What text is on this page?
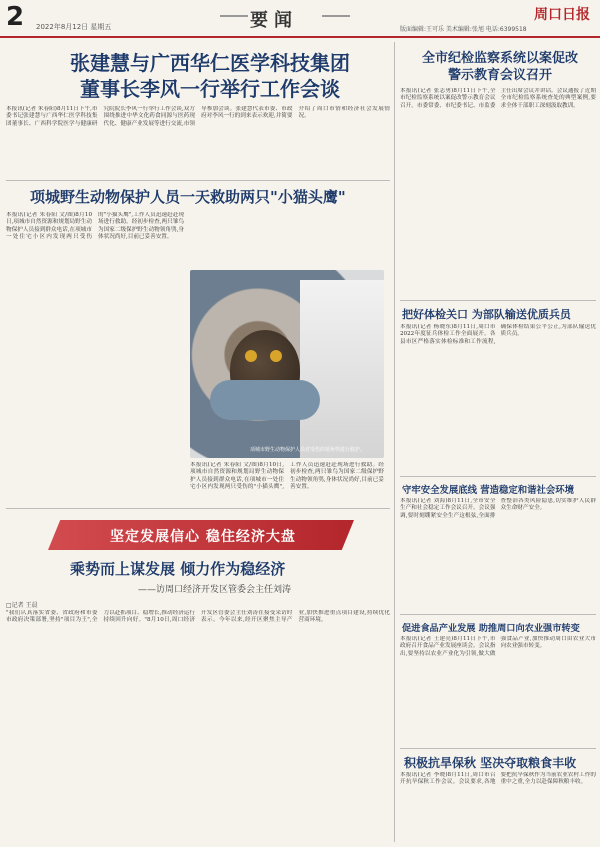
2 2022年8月12日 星期五	要闻	版面编辑:王可乐 美术编辑:张旭 电话:6399518
周口日报
张建慧与广西华仁医学科技集团
董事长李风一行举行工作会谈
本报讯(记者 朱春阳)8月11日下午,市委书记张建慧与广西华仁医学科技集团董事长、广西科学院医学与健康研究院院长李风一行举行工作会谈,双方围绕推进中华文化药食同源与医药现代化、健康产业发展等进行交流,市领导参加会谈。张建慧代表市委、市政府对李风一行的到来表示欢迎,并简要介绍了周口市情和经济社会发展情况。
项城野生动物保护人员一天救助两只"小猫头鹰"
本报讯(记者 朱春阳 文/图)8月10日,项城市自然资源和规划局野生动物保护人员接到群众电话,在项城市一处住宅小区内发现两只受伤的"小猫头鹰",工作人员迅速赶赴现场进行救助。经初步检查,两只雏鸟为国家二级保护野生动物领角鸮,身体状况尚好,目前已妥善安置。
项城市野生动物保护人员对受伤的领角鸮进行救护。
本报讯(记者 朱春阳 文/图)8月10日,项城市自然资源和规划局野生动物保护人员接到群众电话,在项城市一处住宅小区内发现两只受伤的"小猫头鹰",工作人员迅速赶赴现场进行救助。经初步检查,两只雏鸟为国家二级保护野生动物领角鸮,身体状况尚好,目前已妥善安置。
坚定发展信心 稳住经济大盘
乘势而上谋发展 倾力作为稳经济
——访周口经济开发区管委会主任刘涛
□记者 王晨
"我们认真落实省委、省政府和市委市政府决策部署,坚持"项目为王",全力以赴抓项目、稳增长,推动经济运行持续回升向好。"8月10日,周口经济开发区管委会主任刘涛在接受采访时表示。今年以来,经开区聚焦主导产业,加快推进重点项目建设,持续优化营商环境。
全市纪检监察系统以案促改
警示教育会议召开
本报讯(记者 张志勇)8月11日下午,全市纪检监察系统以案促改警示教育会议召开。市委常委、市纪委书记、市监委主任出席会议并讲话。会议通报了近期全市纪检监察系统查处的典型案例,要求全体干部职工深刻汲取教训。
把好体检关口 为部队输送优质兵员
本报讯(记者 杨晓东)8月11日,周口市2022年度征兵体检工作全面展开。各县市区严格落实体检标准和工作流程,确保体检结果公平公正,为部队输送优质兵员。
守牢安全发展底线 营造稳定和谐社会环境
本报讯(记者 刘海)8月11日,全市安全生产和社会稳定工作会议召开。会议强调,要时刻绷紧安全生产这根弦,全面排查整治各类风险隐患,切实维护人民群众生命财产安全。
促进食品产业发展 助推周口向农业强市转变
本报讯(记者 王建亮)8月11日下午,市政府召开食品产业发展座谈会。会议指出,要坚持以农业产业化为引领,做大做强食品产业,加快推动周口由农业大市向农业强市转变。
积极抗旱保秋 坚决夺取粮食丰收
本报讯(记者 李晓)8月11日,周口市召开抗旱保秋工作会议。会议要求,各地要把抗旱保秋作为当前农业农村工作的重中之重,全力以赴保障秋粮丰收。
